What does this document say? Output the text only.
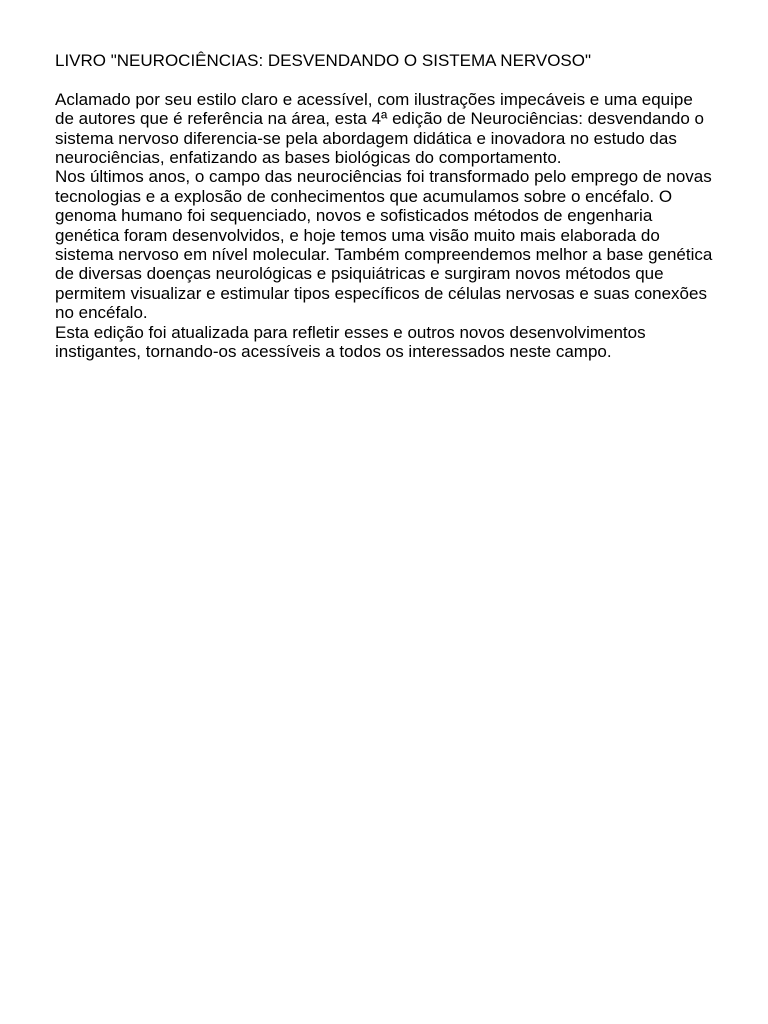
LIVRO "NEUROCIÊNCIAS: DESVENDANDO O SISTEMA NERVOSO"

Aclamado por seu estilo claro e acessível, com ilustrações impecáveis e uma equipe de autores que é referência na área, esta 4ª edição de Neurociências: desvendando o sistema nervoso diferencia-se pela abordagem didática e inovadora no estudo das neurociências, enfatizando as bases biológicas do comportamento.

Nos últimos anos, o campo das neurociências foi transformado pelo emprego de novas tecnologias e a explosão de conhecimentos que acumulamos sobre o encéfalo. O genoma humano foi sequenciado, novos e sofisticados métodos de engenharia genética foram desenvolvidos, e hoje temos uma visão muito mais elaborada do sistema nervoso em nível molecular. Também compreendemos melhor a base genética de diversas doenças neurológicas e psiquiátricas e surgiram novos métodos que permitem visualizar e estimular tipos específicos de células nervosas e suas conexões no encéfalo.

Esta edição foi atualizada para refletir esses e outros novos desenvolvimentos instigantes, tornando-os acessíveis a todos os interessados neste campo.
